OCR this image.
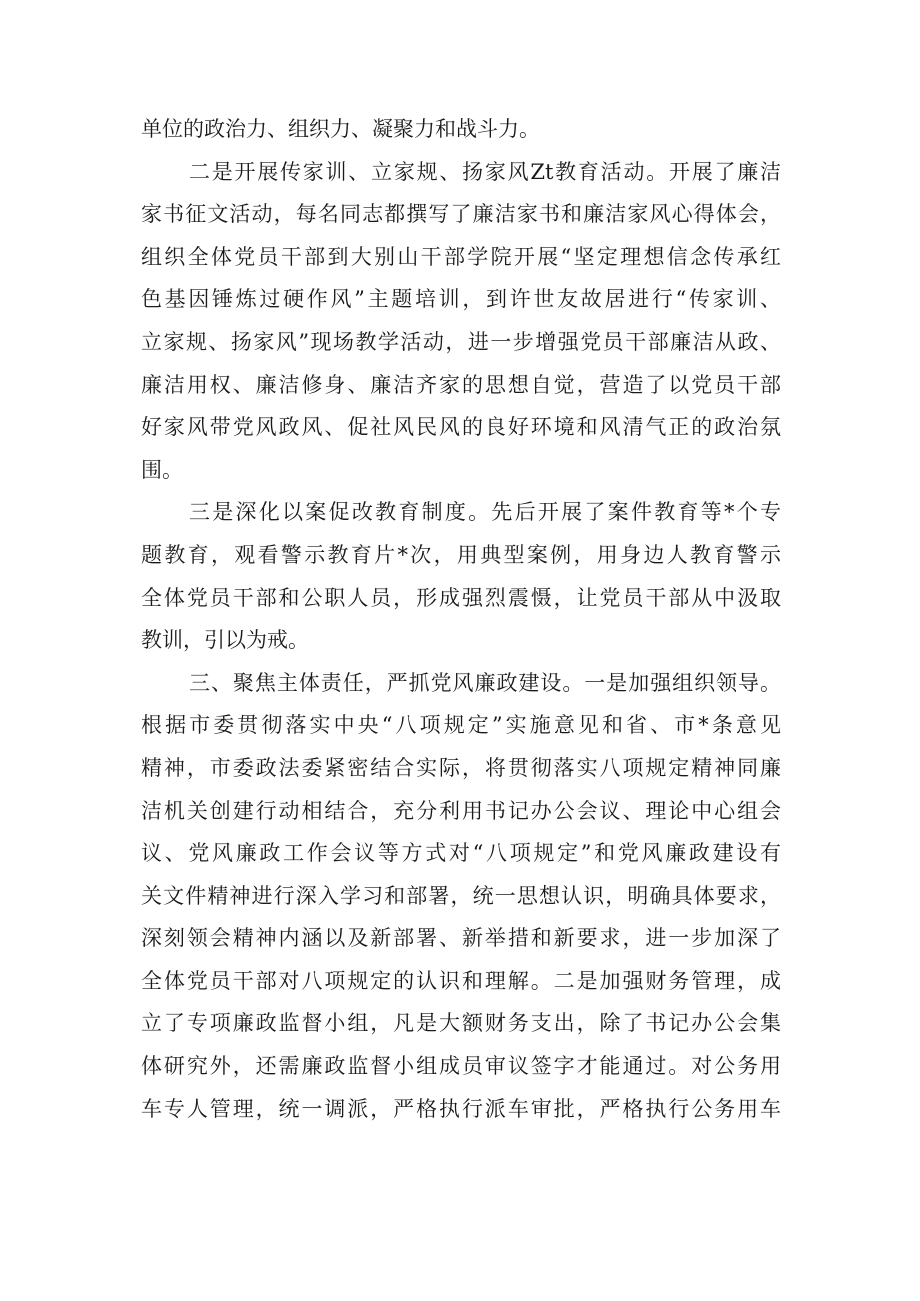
单位的政治力、组织力、凝聚力和战斗力。
二是开展传家训、立家规、扬家风Zt教育活动。开展了廉洁
家书征文活动，每名同志都撰写了廉洁家书和廉洁家风心得体会，
组织全体党员干部到大别山干部学院开展“坚定理想信念传承红
色基因锤炼过硬作风”主题培训，到许世友故居进行“传家训、
立家规、扬家风”现场教学活动，进一步增强党员干部廉洁从政、
廉洁用权、廉洁修身、廉洁齐家的思想自觉，营造了以党员干部
好家风带党风政风、促社风民风的良好环境和风清气正的政治氛
围。
三是深化以案促改教育制度。先后开展了案件教育等*个专
题教育，观看警示教育片*次，用典型案例，用身边人教育警示
全体党员干部和公职人员，形成强烈震慑，让党员干部从中汲取
教训，引以为戒。
三、聚焦主体责任，严抓党风廉政建设。一是加强组织领导。
根据市委贯彻落实中央“八项规定”实施意见和省、市*条意见
精神，市委政法委紧密结合实际，将贯彻落实八项规定精神同廉
洁机关创建行动相结合，充分利用书记办公会议、理论中心组会
议、党风廉政工作会议等方式对“八项规定”和党风廉政建设有
关文件精神进行深入学习和部署，统一思想认识，明确具体要求，
深刻领会精神内涵以及新部署、新举措和新要求，进一步加深了
全体党员干部对八项规定的认识和理解。二是加强财务管理，成
立了专项廉政监督小组，凡是大额财务支出，除了书记办公会集
体研究外，还需廉政监督小组成员审议签字才能通过。对公务用
车专人管理，统一调派，严格执行派车审批，严格执行公务用车
